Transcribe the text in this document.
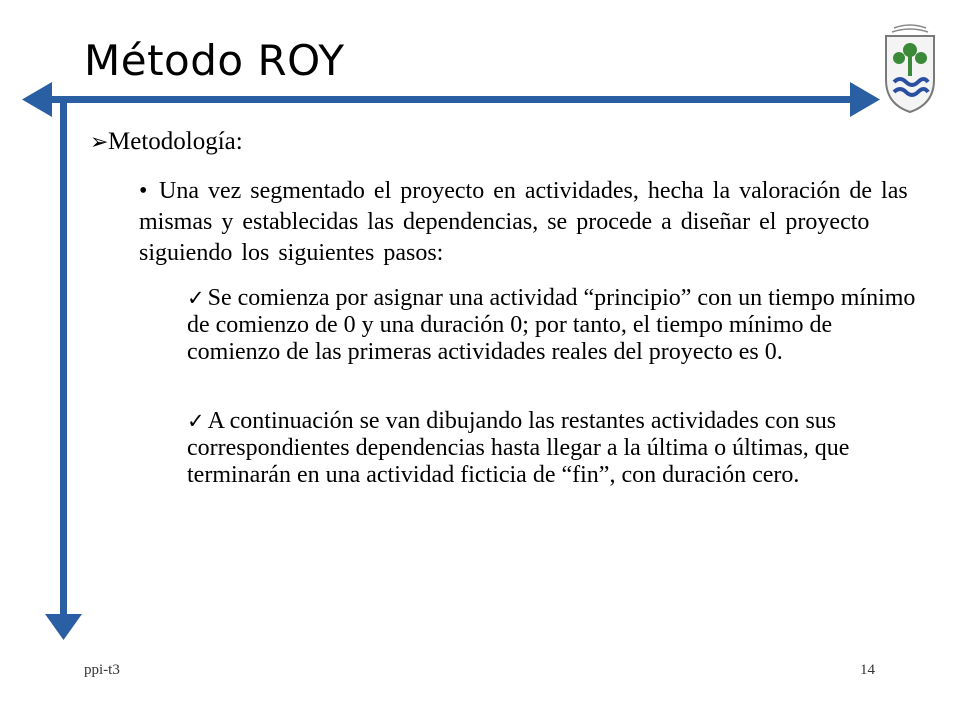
Método ROY
➢Metodología:
• Una vez segmentado el proyecto en actividades, hecha la valoración de las mismas y establecidas las dependencias, se procede a diseñar el proyecto siguiendo los siguientes pasos:
✓ Se comienza por asignar una actividad “principio” con un tiempo mínimo de comienzo de 0 y una duración 0; por tanto, el tiempo mínimo de comienzo de las primeras actividades reales del proyecto es 0.
✓ A continuación se van dibujando las restantes actividades con sus correspondientes dependencias hasta llegar a la última o últimas, que terminarán en una actividad ficticia de “fin”, con duración cero.
ppi-t3	14
